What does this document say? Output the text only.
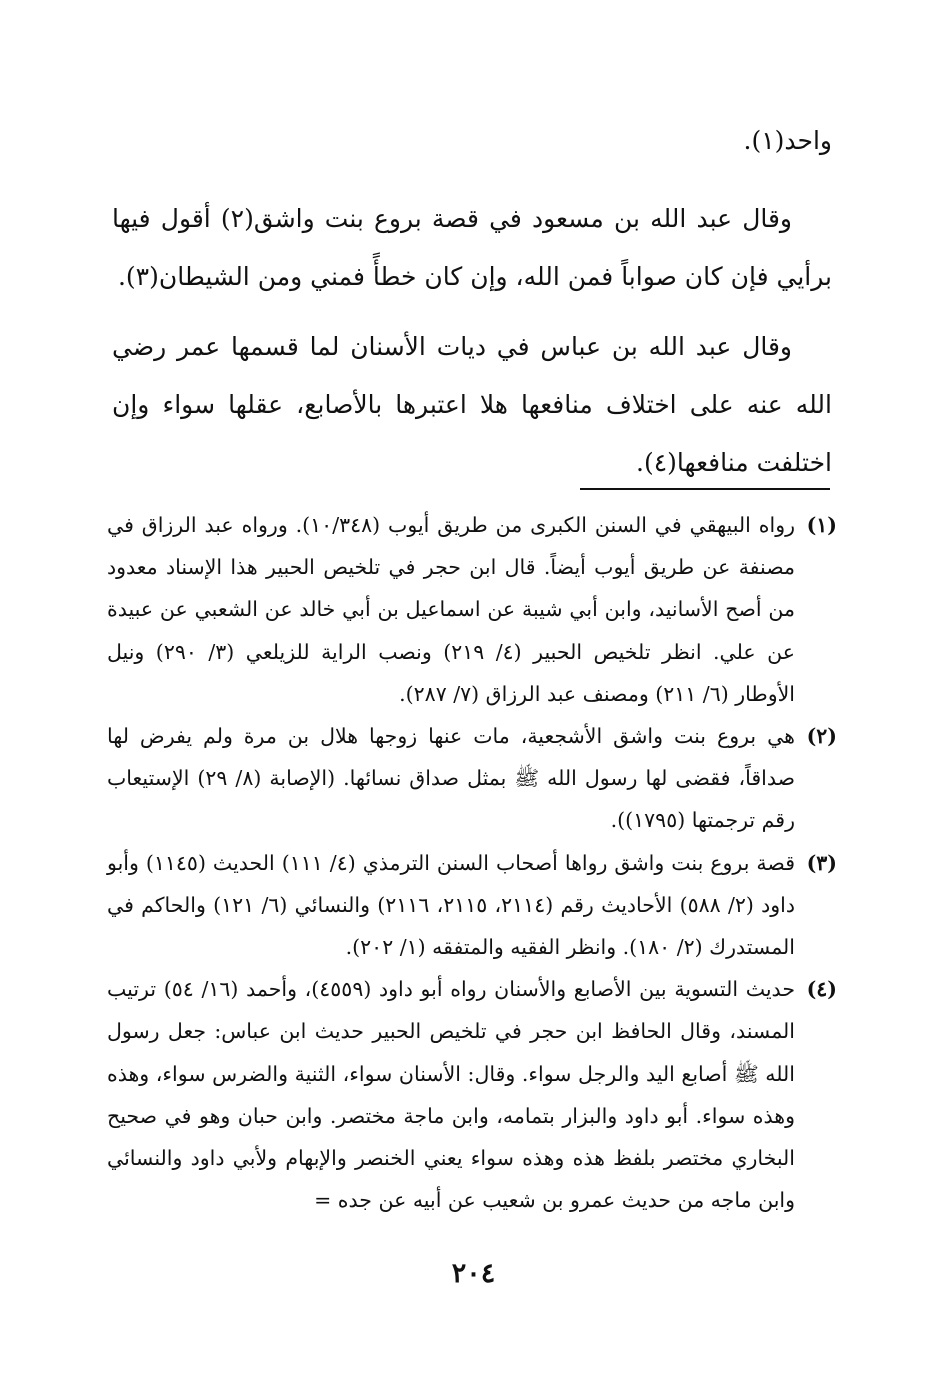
واحد(١).
وقال عبد الله بن مسعود في قصة بروع بنت واشق(٢) أقول فيها برأيي فإن كان صواباً فمن الله، وإن كان خطأً فمني ومن الشيطان(٣).
وقال عبد الله بن عباس في ديات الأسنان لما قسمها عمر رضي الله عنه على اختلاف منافعها هلا اعتبرها بالأصابع، عقلها سواء وإن اختلفت منافعها(٤).
(١)
رواه البيهقي في السنن الكبرى من طريق أيوب (١٠/٣٤٨). ورواه عبد الرزاق في مصنفة عن طريق أيوب أيضاً. قال ابن حجر في تلخيص الحبير هذا الإسناد معدود من أصح الأسانيد، وابن أبي شيبة عن اسماعيل بن أبي خالد عن الشعبي عن عبيدة عن علي. انظر تلخيص الحبير (٤/ ٢١٩) ونصب الراية للزيلعي (٣/ ٢٩٠) ونيل الأوطار (٦/ ٢١١) ومصنف عبد الرزاق (٧/ ٢٨٧).
(٢)
هي بروع بنت واشق الأشجعية، مات عنها زوجها هلال بن مرة ولم يفرض لها صداقاً، فقضى لها رسول الله ﷺ بمثل صداق نسائها. (الإصابة (٨/ ٢٩) الإستيعاب رقم ترجمتها (١٧٩٥)).
(٣)
قصة بروع بنت واشق رواها أصحاب السنن الترمذي (٤/ ١١١) الحديث (١١٤٥) وأبو داود (٢/ ٥٨٨) الأحاديث رقم (٢١١٤، ٢١١٥، ٢١١٦) والنسائي (٦/ ١٢١) والحاكم في المستدرك (٢/ ١٨٠). وانظر الفقيه والمتفقه (١/ ٢٠٢).
(٤)
حديث التسوية بين الأصابع والأسنان رواه أبو داود (٤٥٥٩)، وأحمد (١٦/ ٥٤) ترتيب المسند، وقال الحافظ ابن حجر في تلخيص الحبير حديث ابن عباس: جعل رسول الله ﷺ أصابع اليد والرجل سواء. وقال: الأسنان سواء، الثنية والضرس سواء، وهذه وهذه سواء. أبو داود والبزار بتمامه، وابن ماجة مختصر. وابن حبان وهو في صحيح البخاري مختصر بلفظ هذه وهذه سواء يعني الخنصر والإبهام ولأبي داود والنسائي وابن ماجه من حديث عمرو بن شعيب عن أبيه عن جده =
٢٠٤
